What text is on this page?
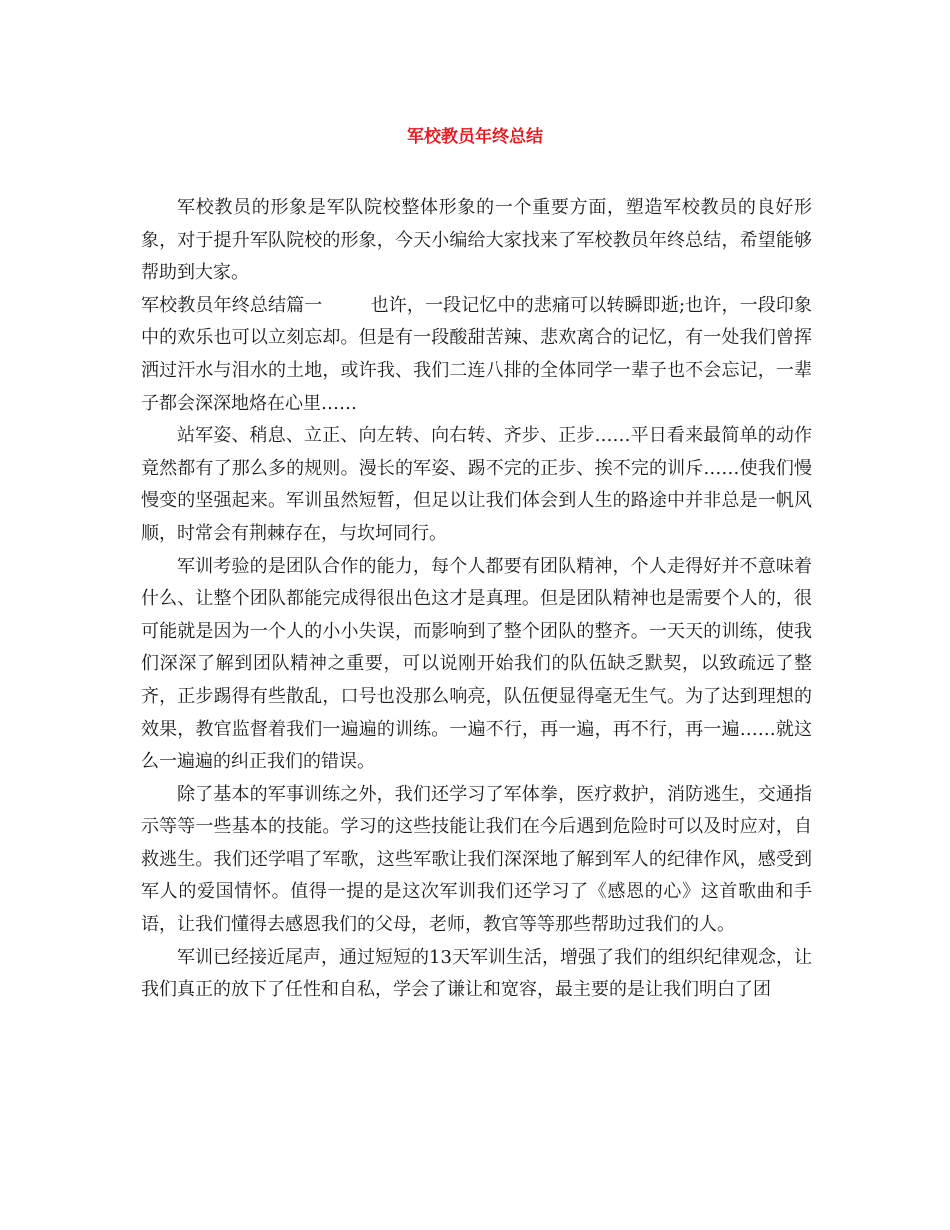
军校教员年终总结

军校教员的形象是军队院校整体形象的一个重要方面，塑造军校教员的良好形象，对于提升军队院校的形象，今天小编给大家找来了军校教员年终总结，希望能够帮助到大家。

军校教员年终总结篇一	也许，一段记忆中的悲痛可以转瞬即逝;也许，一段印象中的欢乐也可以立刻忘却。但是有一段酸甜苦辣、悲欢离合的记忆，有一处我们曾挥洒过汗水与泪水的土地，或许我、我们二连八排的全体同学一辈子也不会忘记，一辈子都会深深地烙在心里……

站军姿、稍息、立正、向左转、向右转、齐步、正步……平日看来最简单的动作竟然都有了那么多的规则。漫长的军姿、踢不完的正步、挨不完的训斥……使我们慢慢变的坚强起来。军训虽然短暂，但足以让我们体会到人生的路途中并非总是一帆风顺，时常会有荆棘存在，与坎坷同行。

军训考验的是团队合作的能力，每个人都要有团队精神，个人走得好并不意味着什么、让整个团队都能完成得很出色这才是真理。但是团队精神也是需要个人的，很可能就是因为一个人的小小失误，而影响到了整个团队的整齐。一天天的训练，使我们深深了解到团队精神之重要，可以说刚开始我们的队伍缺乏默契，以致疏远了整齐，正步踢得有些散乱，口号也没那么响亮，队伍便显得毫无生气。为了达到理想的效果，教官监督着我们一遍遍的训练。一遍不行，再一遍，再不行，再一遍……就这么一遍遍的纠正我们的错误。

除了基本的军事训练之外，我们还学习了军体拳，医疗救护，消防逃生，交通指示等等一些基本的技能。学习的这些技能让我们在今后遇到危险时可以及时应对，自救逃生。我们还学唱了军歌，这些军歌让我们深深地了解到军人的纪律作风，感受到军人的爱国情怀。值得一提的是这次军训我们还学习了《感恩的心》这首歌曲和手语，让我们懂得去感恩我们的父母，老师，教官等等那些帮助过我们的人。

军训已经接近尾声，通过短短的13天军训生活，增强了我们的组织纪律观念，让我们真正的放下了任性和自私，学会了谦让和宽容，最主要的是让我们明白了团
